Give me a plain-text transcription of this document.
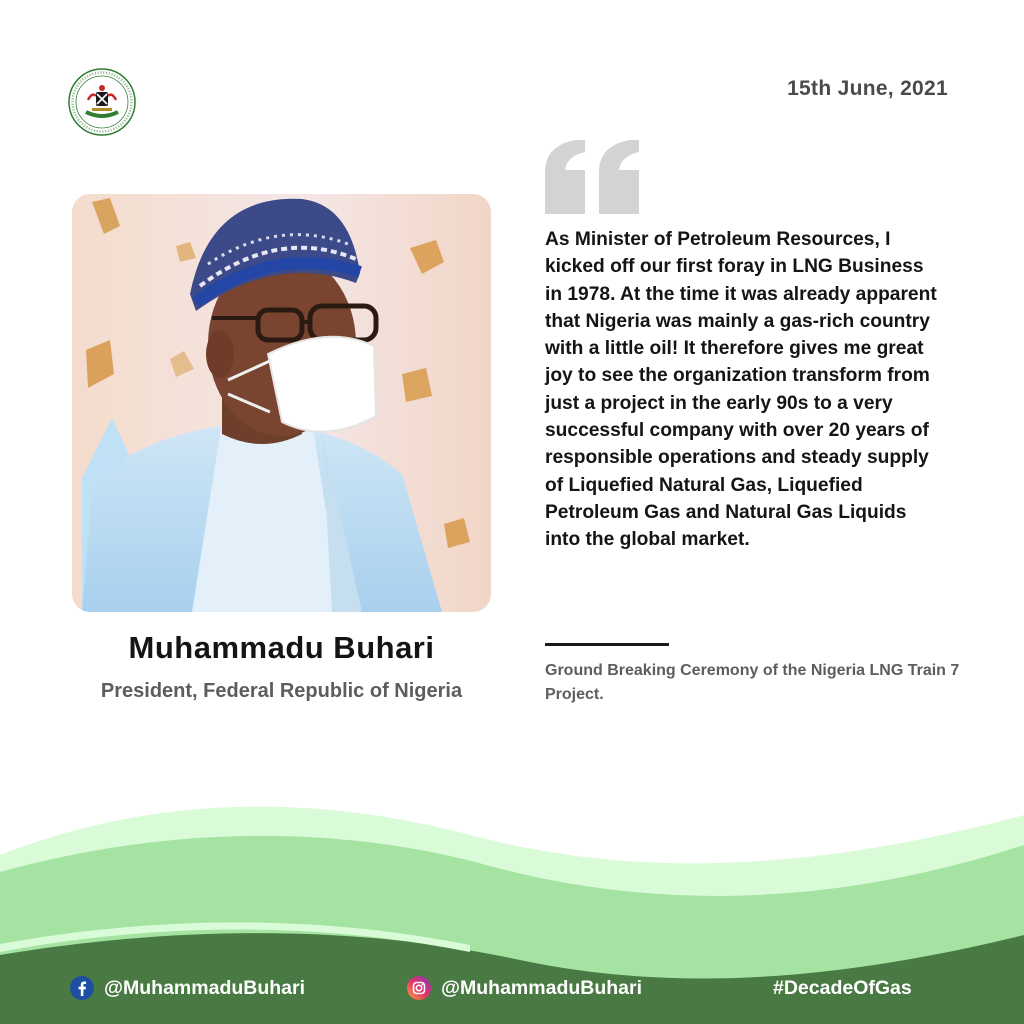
15th June, 2021
Muhammadu Buhari
President, Federal Republic of Nigeria

As Minister of Petroleum Resources, I kicked off our first foray in LNG Business in 1978. At the time it was already apparent that Nigeria was mainly a gas-rich country with a little oil! It therefore gives me great joy to see the organization transform from just a project in the early 90s to a very successful company with over 20 years of responsible operations and steady supply of Liquefied Natural Gas, Liquefied Petroleum Gas and Natural Gas Liquids into the global market.

Ground Breaking Ceremony of the Nigeria LNG Train 7 Project.

@MuhammaduBuhari	@MuhammaduBuhari	#DecadeOfGas
